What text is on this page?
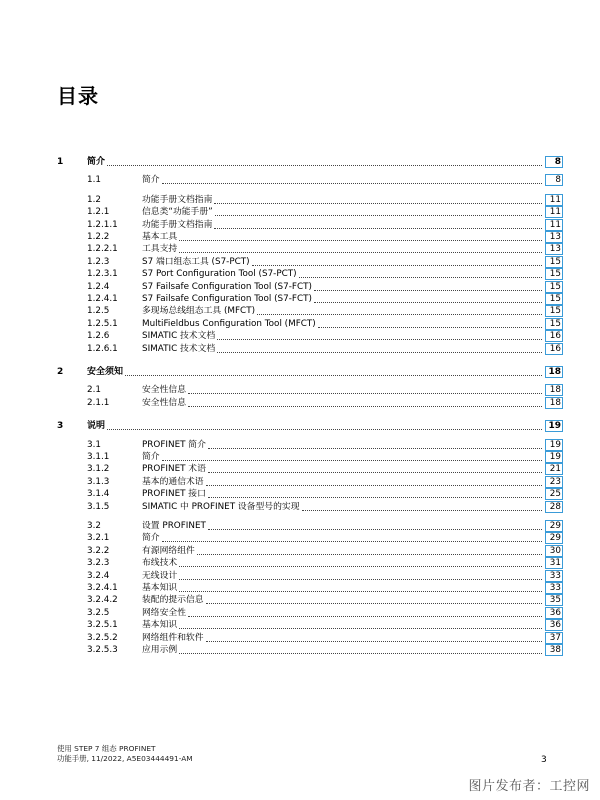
目录
1	简介	8
1.1	简介	8
1.2	功能手册文档指南	11
1.2.1	信息类“功能手册”	11
1.2.1.1	功能手册文档指南	11
1.2.2	基本工具	13
1.2.2.1	工具支持	13
1.2.3	S7 端口组态工具 (S7-PCT)	15
1.2.3.1	S7 Port Configuration Tool (S7-PCT)	15
1.2.4	S7 Failsafe Configuration Tool (S7-FCT)	15
1.2.4.1	S7 Failsafe Configuration Tool (S7-FCT)	15
1.2.5	多现场总线组态工具 (MFCT)	15
1.2.5.1	MultiFieldbus Configuration Tool (MFCT)	15
1.2.6	SIMATIC 技术文档	16
1.2.6.1	SIMATIC 技术文档	16
2	安全须知	18
2.1	安全性信息	18
2.1.1	安全性信息	18
3	说明	19
3.1	PROFINET 简介	19
3.1.1	简介	19
3.1.2	PROFINET 术语	21
3.1.3	基本的通信术语	23
3.1.4	PROFINET 接口	25
3.1.5	SIMATIC 中 PROFINET 设备型号的实现	28
3.2	设置 PROFINET	29
3.2.1	简介	29
3.2.2	有源网络组件	30
3.2.3	布线技术	31
3.2.4	无线设计	33
3.2.4.1	基本知识	33
3.2.4.2	装配的提示信息	35
3.2.5	网络安全性	36
3.2.5.1	基本知识	36
3.2.5.2	网络组件和软件	37
3.2.5.3	应用示例	38
使用 STEP 7 组态 PROFINET
功能手册, 11/2022, A5E03444491-AM	3
图片发布者：工控网
